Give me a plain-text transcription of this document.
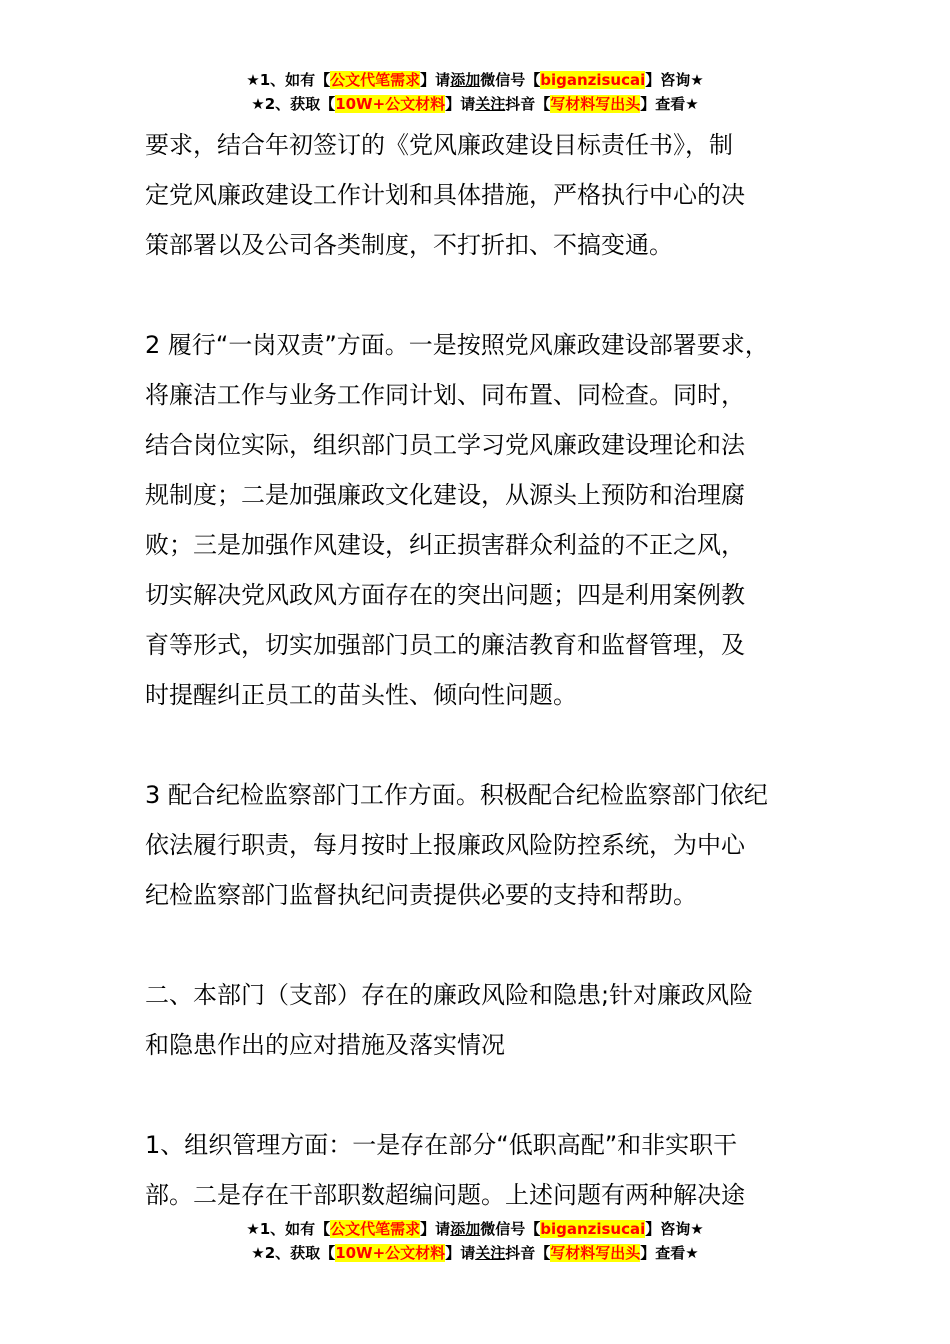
★1、如有【公文代笔需求】请添加微信号【biganzisucai】咨询★
★2、获取【10W+公文材料】请关注抖音【写材料写出头】查看★
要求，结合年初签订的《党风廉政建设目标责任书》，制
定党风廉政建设工作计划和具体措施，严格执行中心的决
策部署以及公司各类制度，不打折扣、不搞变通。
2 履行“一岗双责”方面。一是按照党风廉政建设部署要求，
将廉洁工作与业务工作同计划、同布置、同检查。同时，
结合岗位实际，组织部门员工学习党风廉政建设理论和法
规制度；二是加强廉政文化建设，从源头上预防和治理腐
败；三是加强作风建设，纠正损害群众利益的不正之风，
切实解决党风政风方面存在的突出问题；四是利用案例教
育等形式，切实加强部门员工的廉洁教育和监督管理，及
时提醒纠正员工的苗头性、倾向性问题。
3 配合纪检监察部门工作方面。积极配合纪检监察部门依纪
依法履行职责，每月按时上报廉政风险防控系统，为中心
纪检监察部门监督执纪问责提供必要的支持和帮助。
二、本部门（支部）存在的廉政风险和隐患;针对廉政风险
和隐患作出的应对措施及落实情况
1、组织管理方面：一是存在部分“低职高配”和非实职干
部。二是存在干部职数超编问题。上述问题有两种解决途
★1、如有【公文代笔需求】请添加微信号【biganzisucai】咨询★
★2、获取【10W+公文材料】请关注抖音【写材料写出头】查看★
